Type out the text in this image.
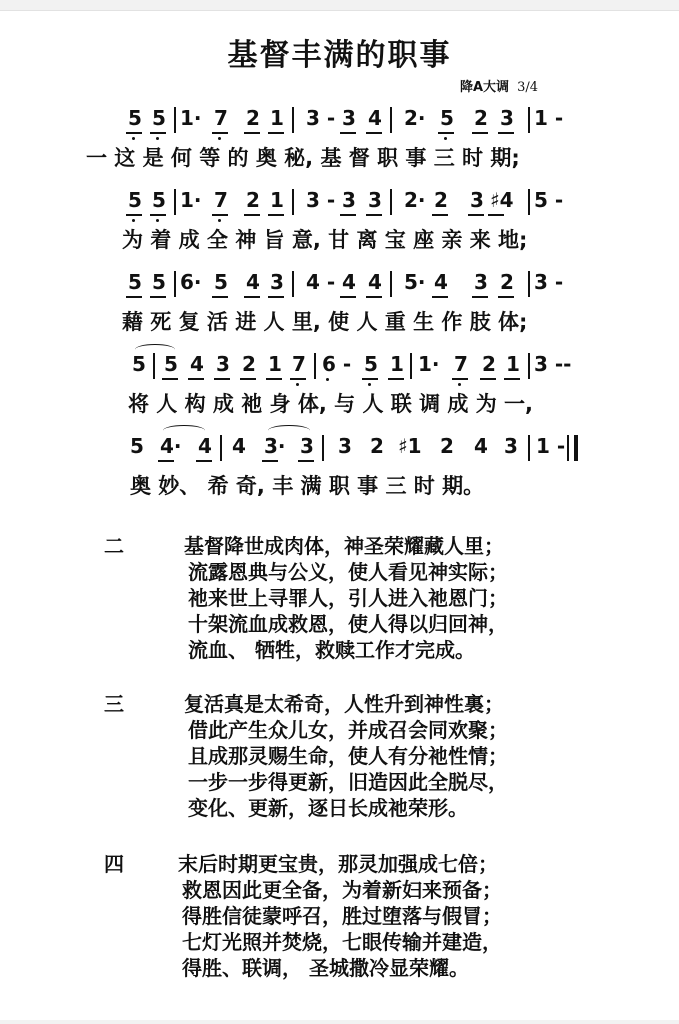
基督丰满的职事
降A大调 3/4
5 5 1· 7 2 1 3 - 3 4 2· 5 2 3 1 -
5 5 1· 7 2 1 3 - 3 3 2· 2 3 ♯4 5 -
5 5 6· 5 4 3 4 - 4 4 5· 4 3 2 3 -
5 5 4 3 2 1 7 6 - 5 1 1· 7 2 1 3 --
5 4· 4 4 3· 3 3 2 ♯1 2 4 3 1 -
一 这 是 何 等 的 奥 秘, 基 督 职 事 三 时 期;
为 着 成 全 神 旨 意, 甘 离 宝 座 亲 来 地;
藉 死 复 活 进 人 里, 使 人 重 生 作 肢 体;
将 人 构 成 祂 身 体, 与 人 联 调 成 为 一,
奥 妙、 希 奇, 丰 满 职 事 三 时 期。
二	基督降世成肉体，神圣荣耀藏人里；
流露恩典与公义，使人看见神实际；
祂来世上寻罪人，引人进入祂恩门；
十架流血成救恩，使人得以归回神，
流血、 牺牲，救赎工作才完成。
三	复活真是太希奇，人性升到神性裏；
借此产生众儿女，并成召会同欢聚；
且成那灵赐生命，使人有分祂性情；
一步一步得更新，旧造因此全脱尽，
变化、更新，逐日长成祂荣形。
四	末后时期更宝贵，那灵加强成七倍；
救恩因此更全备，为着新妇来预备；
得胜信徒蒙呼召，胜过堕落与假冒；
七灯光照并焚烧，七眼传输并建造，
得胜、联调， 圣城撒冷显荣耀。
